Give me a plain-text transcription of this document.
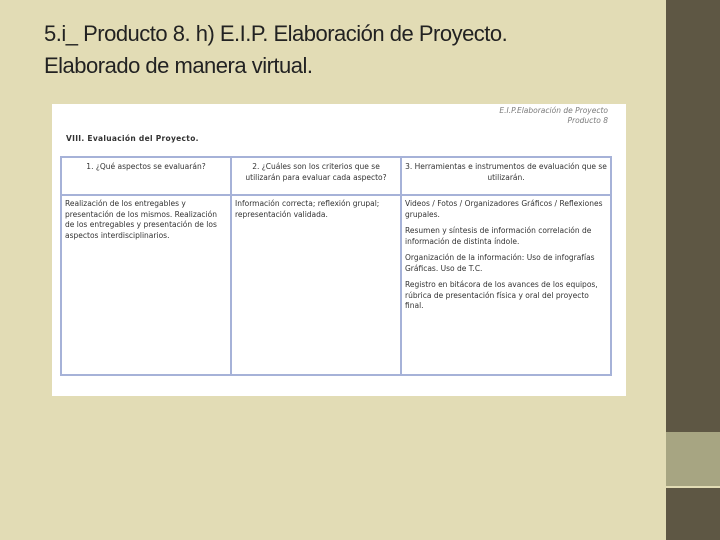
5.i_ Producto 8. h) E.I.P. Elaboración de Proyecto.
Elaborado de manera virtual.
E.I.P.Elaboración de Proyecto
Producto 8
VIII. Evaluación del Proyecto.
1. ¿Qué aspectos se evaluarán?	2. ¿Cuáles son los criterios que se utilizarán para evaluar cada aspecto?	3. Herramientas e instrumentos de evaluación que se utilizarán.

Realización de los entregables y presentación de los mismos. Realización de los entregables y presentación de los aspectos interdisciplinarios.	Información correcta; reflexión grupal; representación validada.	Videos / Fotos / Organizadores Gráficos / Reflexiones grupales.

Resumen y síntesis de información correlación de información de distinta índole.

Organización de la información: Uso de infografías Gráficas. Uso de T.C.

Registro en bitácora de los avances de los equipos, rúbrica de presentación física y oral del proyecto final.
